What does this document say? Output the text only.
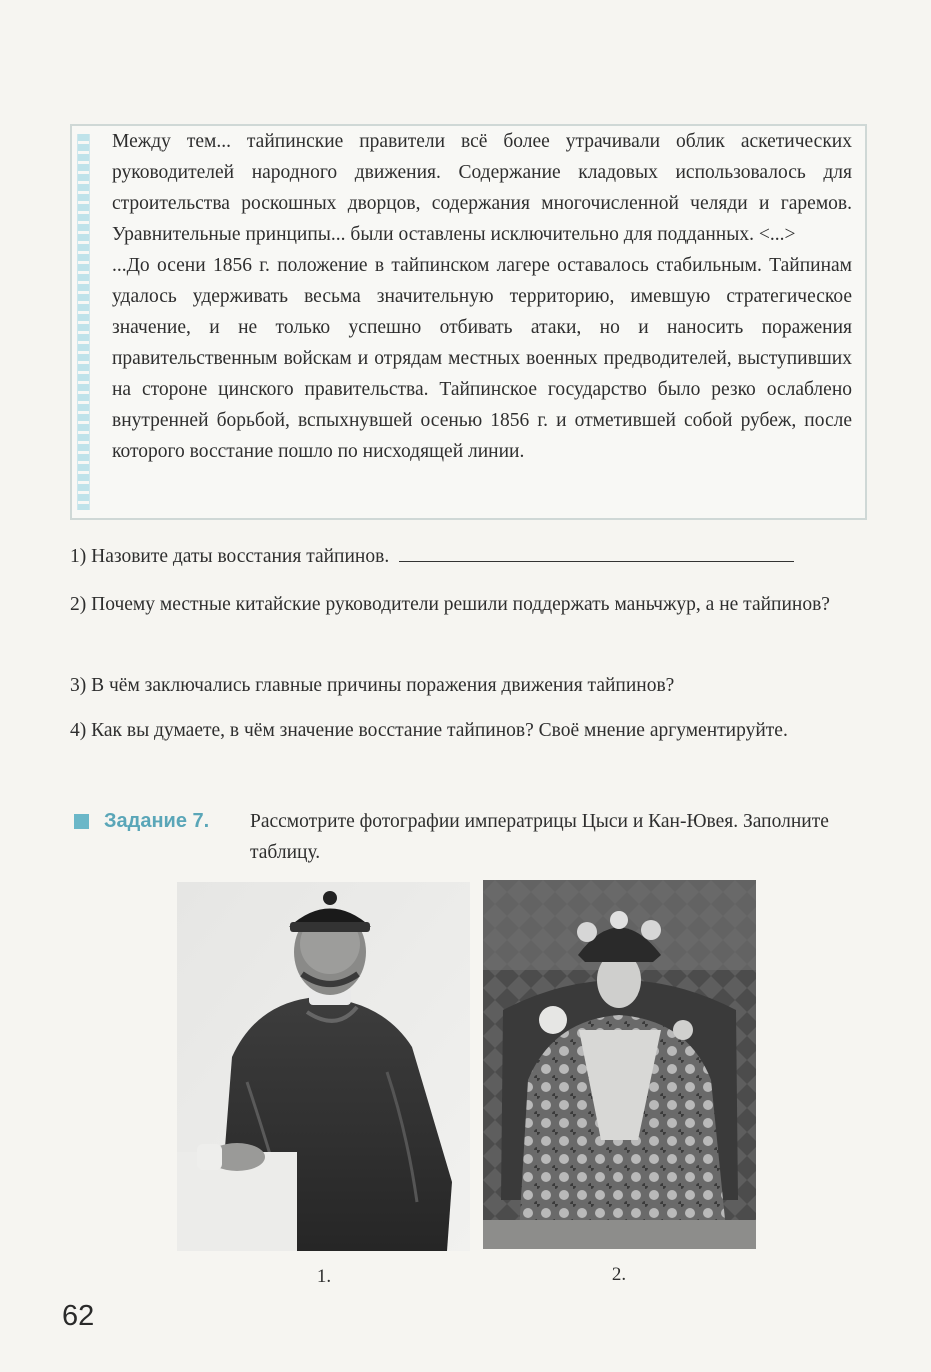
Между тем... тайпинские правители всё более утрачивали облик аскетических руководителей народного движения. Содержание кладовых использовалось для строительства роскошных дворцов, содержания многочисленной челяди и гаремов. Уравнительные принципы... были оставлены исключительно для подданных. <...>

...До осени 1856 г. положение в тайпинском лагере оставалось стабильным. Тайпинам удалось удерживать весьма значительную территорию, имевшую стратегическое значение, и не только успешно отбивать атаки, но и наносить поражения правительственным войскам и отрядам местных военных предводителей, выступивших на стороне цинского правительства. Тайпинское государство было резко ослаблено внутренней борьбой, вспыхнувшей осенью 1856 г. и отметившей собой рубеж, после которого восстание пошло по нисходящей линии.

1) Назовите даты восстания тайпинов.

2) Почему местные китайские руководители решили поддержать маньчжур, а не тайпинов?

3) В чём заключались главные причины поражения движения тайпинов?

4) Как вы думаете, в чём значение восстание тайпинов? Своё мнение аргументируйте.

Задание 7. Рассмотрите фотографии императрицы Цыси и Кан-Ювея. Заполните таблицу.

1.	2.
62
